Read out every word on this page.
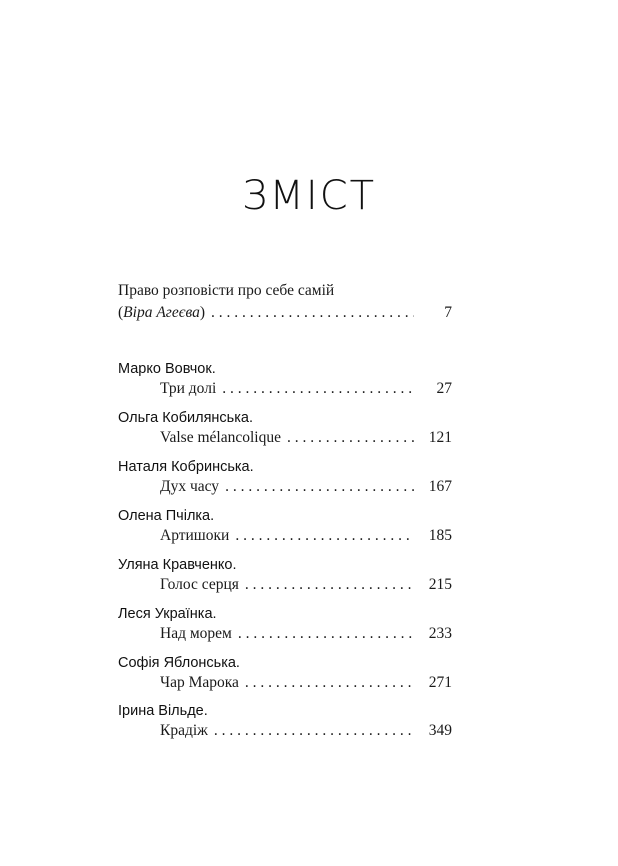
ЗМІСТ
Право розповісти про себе самій
(Віра Агеєва) . . .	7
Марко Вовчок.
Три долі . . .	27
Ольга Кобилянська.
Valse mélancolique . . .	121
Наталя Кобринська.
Дух часу . . .	167
Олена Пчілка.
Артишоки . . .	185
Уляна Кравченко.
Голос серця . . .	215
Леся Українка.
Над морем . . .	233
Софія Яблонська.
Чар Марока . . .	271
Ірина Вільде.
Крадіж . . .	349
